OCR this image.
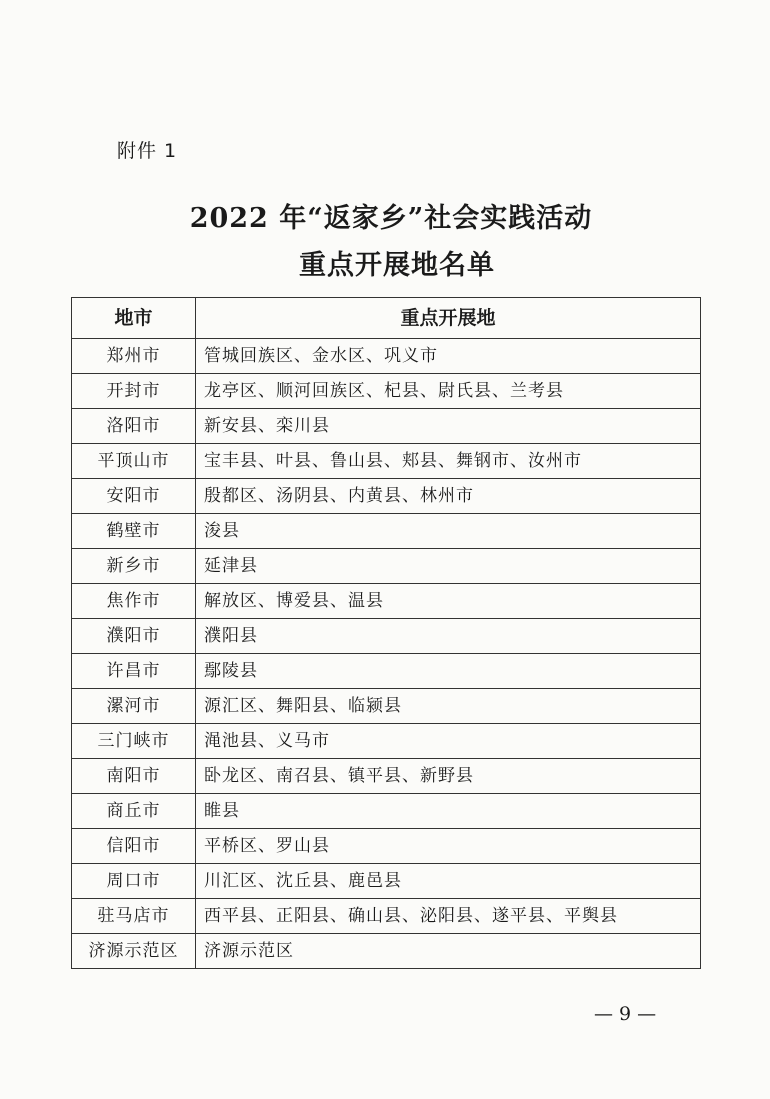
附件 1
2022 年“返家乡”社会实践活动
重点开展地名单
地市	重点开展地
郑州市	管城回族区、金水区、巩义市
开封市	龙亭区、顺河回族区、杞县、尉氏县、兰考县
洛阳市	新安县、栾川县
平顶山市	宝丰县、叶县、鲁山县、郏县、舞钢市、汝州市
安阳市	殷都区、汤阴县、内黄县、林州市
鹤壁市	浚县
新乡市	延津县
焦作市	解放区、博爱县、温县
濮阳市	濮阳县
许昌市	鄢陵县
漯河市	源汇区、舞阳县、临颍县
三门峡市	渑池县、义马市
南阳市	卧龙区、南召县、镇平县、新野县
商丘市	睢县
信阳市	平桥区、罗山县
周口市	川汇区、沈丘县、鹿邑县
驻马店市	西平县、正阳县、确山县、泌阳县、遂平县、平舆县
济源示范区	济源示范区
— 9 —
